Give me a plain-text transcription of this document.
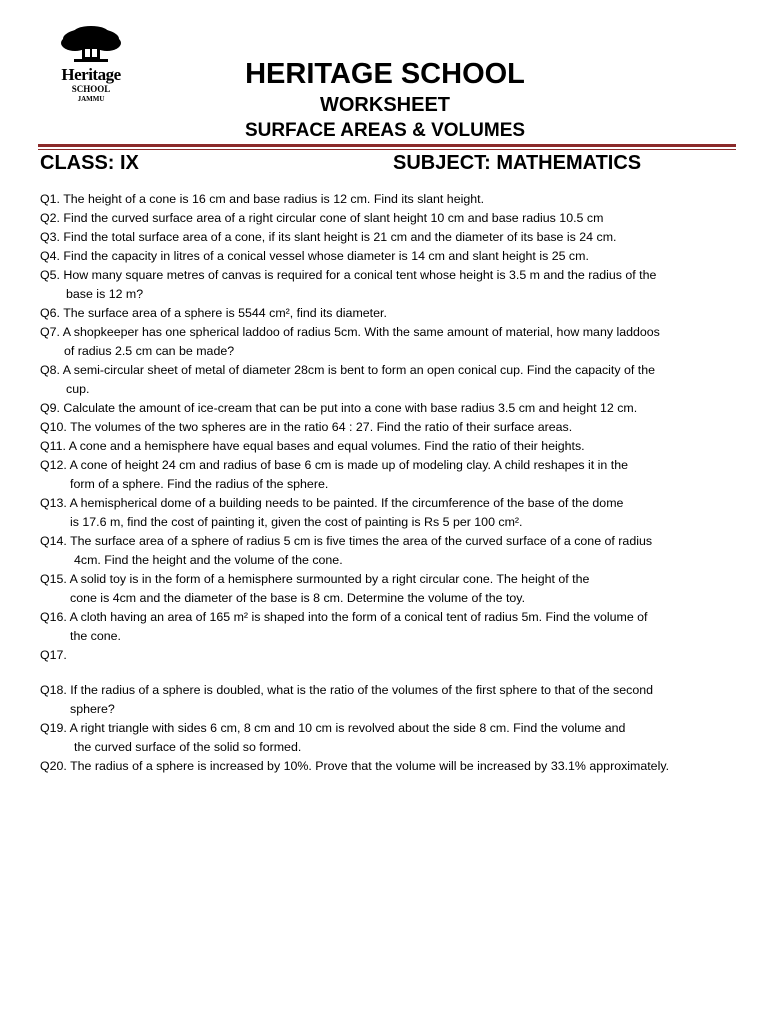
Heritage
SCHOOL
JAMMU
HERITAGE SCHOOL
WORKSHEET
SURFACE AREAS & VOLUMES
CLASS: IX	SUBJECT: MATHEMATICS
Q1. The height of a cone is 16 cm and base radius is 12 cm. Find its slant height.
Q2. Find the curved surface area of a right circular cone of slant height 10 cm and base radius 10.5 cm
Q3. Find the total surface area of a cone, if its slant height is 21 cm and the diameter of its base is 24 cm.
Q4. Find the capacity in litres of a conical vessel whose diameter is 14 cm and slant height is 25 cm.
Q5. How many square metres of canvas is required for a conical tent whose height is 3.5 m and the radius of the
base is 12 m?
Q6. The surface area of a sphere is 5544 cm², find its diameter.
Q7. A shopkeeper has one spherical laddoo of radius 5cm. With the same amount of material, how many laddoos
of radius 2.5 cm can be made?
Q8. A semi-circular sheet of metal of diameter 28cm is bent to form an open conical cup. Find the capacity of the
cup.
Q9. Calculate the amount of ice-cream that can be put into a cone with base radius 3.5 cm and height 12 cm.
Q10. The volumes of the two spheres are in the ratio 64 : 27. Find the ratio of their surface areas.
Q11. A cone and a hemisphere have equal bases and equal volumes. Find the ratio of their heights.
Q12. A cone of height 24 cm and radius of base 6 cm is made up of modeling clay. A child reshapes it in the
form of a sphere. Find the radius of the sphere.
Q13. A hemispherical dome of a building needs to be painted. If the circumference of the base of the dome
is 17.6 m, find the cost of painting it, given the cost of painting is Rs 5 per 100 cm².
Q14. The surface area of a sphere of radius 5 cm is five times the area of the curved surface of a cone of radius
4cm. Find the height and the volume of the cone.
Q15. A solid toy is in the form of a hemisphere surmounted by a right circular cone. The height of the
cone is 4cm and the diameter of the base is 8 cm. Determine the volume of the toy.
Q16. A cloth having an area of 165 m² is shaped into the form of a conical tent of radius 5m. Find the volume of
the cone.
Q17.
Q18. If the radius of a sphere is doubled, what is the ratio of the volumes of the first sphere to that of the second
sphere?
Q19. A right triangle with sides 6 cm, 8 cm and 10 cm is revolved about the side 8 cm. Find the volume and
the curved surface of the solid so formed.
Q20. The radius of a sphere is increased by 10%. Prove that the volume will be increased by 33.1% approximately.
